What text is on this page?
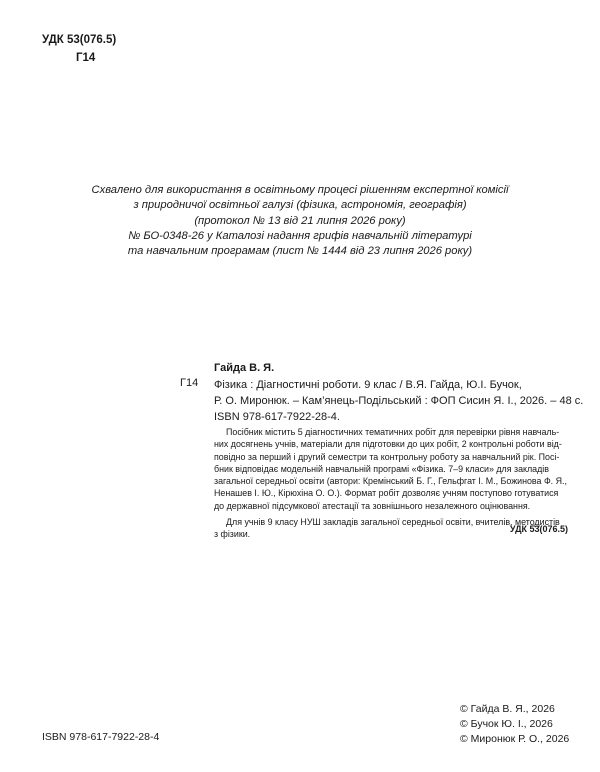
УДК 53(076.5)
Г14
Схвалено для використання в освітньому процесі рішенням експертної комісії
з природничої освітньої галузі (фізика, астрономія, географія)
(протокол № 13 від 21 липня 2026 року)
№ БО-0348-26 у Каталозі надання грифів навчальній літературі
та навчальним програмам (лист № 1444 від 23 липня 2026 року)
Гайда В. Я.
Г14 Фізика : Діагностичні роботи. 9 клас / В.Я. Гайда, Ю.І. Бучок,
Р. О. Миронюк. – Кам’янець-Подільський : ФОП Сисин Я. І., 2026. – 48 с.
ISBN 978-617-7922-28-4.

Посібник містить 5 діагностичних тематичних робіт для перевірки рівня навчаль-
них досягнень учнів, матеріали для підготовки до цих робіт, 2 контрольні роботи від-
повідно за перший і другий семестри та контрольну роботу за навчальний рік. Посі-
бник відповідає модельній навчальній програмі «Фізика. 7–9 класи» для закладів
загальної середньої освіти (автори: Кремінський Б. Г., Гельфгат І. М., Божинова Ф. Я.,
Ненашев І. Ю., Кірюхіна О. О.). Формат робіт дозволяє учням поступово готуватися
до державної підсумкової атестації та зовнішнього незалежного оцінювання.

Для учнів 9 класу НУШ закладів загальної середньої освіти, вчителів, методистів
з фізики.

УДК 53(076.5)
ISBN 978-617-7922-28-4
© Гайда В. Я., 2026
© Бучок Ю. І., 2026
© Миронюк Р. О., 2026
